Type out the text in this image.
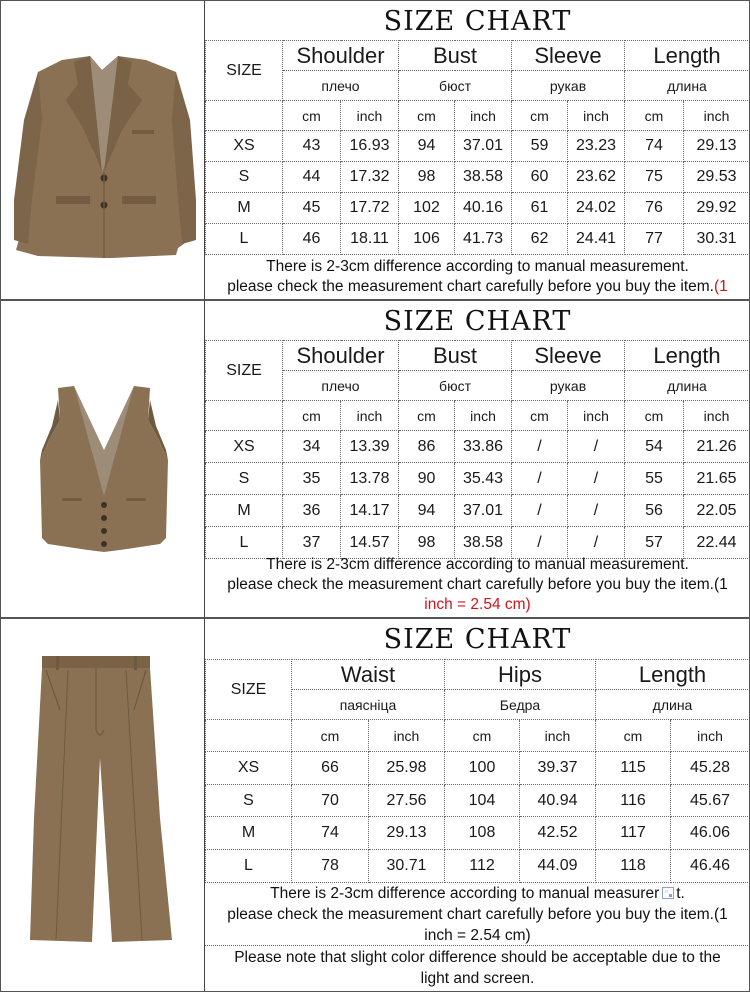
SIZE CHART
SIZE	Shoulder		Bust		Sleeve		Length	
	плечо		бюст		рукав		длина	
	cm	inch	cm	inch	cm	inch	cm	inch
XS	43	16.93	94	37.01	59	23.23	74	29.13
S	44	17.32	98	38.58	60	23.62	75	29.53
M	45	17.72	102	40.16	61	24.02	76	29.92
L	46	18.11	106	41.73	62	24.41	77	30.31
There is 2-3cm difference according to manual measurement.
please check the measurement chart carefully before you buy the item.(1
SIZE CHART
SIZE	Shoulder		Bust		Sleeve		Length	
	плечо		бюст		рукав		длина	
	cm	inch	cm	inch	cm	inch	cm	inch
XS	34	13.39	86	33.86	/	/	54	21.26
S	35	13.78	90	35.43	/	/	55	21.65
M	36	14.17	94	37.01	/	/	56	22.05
L	37	14.57	98	38.58	/	/	57	22.44
There is 2-3cm difference according to manual measurement.
please check the measurement chart carefully before you buy the item.(1
inch = 2.54 cm)
SIZE CHART
SIZE	Waist		Hips		Length	
	паясніца		Бедра		длина	
	cm	inch	cm	inch	cm	inch
XS	66	25.98	100	39.37	115	45.28
S	70	27.56	104	40.94	116	45.67
M	74	29.13	108	42.52	117	46.06
L	78	30.71	112	44.09	118	46.46
There is 2-3cm difference according to manual measurer t.
please check the measurement chart carefully before you buy the item.(1
inch = 2.54 cm)
Please note that slight color difference should be acceptable due to the
light and screen.
